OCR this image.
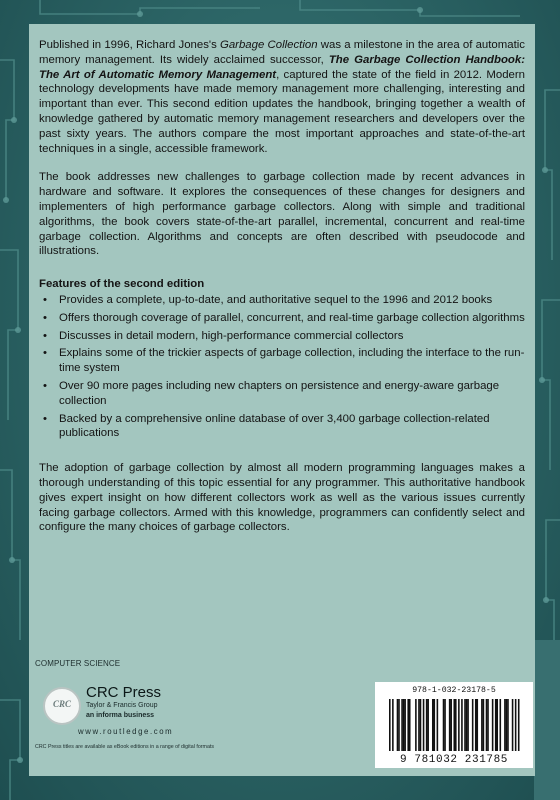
Published in 1996, Richard Jones's Garbage Collection was a milestone in the area of automatic memory management. Its widely acclaimed successor, The Garbage Collection Handbook: The Art of Automatic Memory Management, captured the state of the field in 2012. Modern technology developments have made memory management more challenging, interesting and important than ever. This second edition updates the handbook, bringing together a wealth of knowledge gathered by automatic memory management researchers and developers over the past sixty years. The authors compare the most important approaches and state-of-the-art techniques in a single, accessible framework.

The book addresses new challenges to garbage collection made by recent advances in hardware and software. It explores the consequences of these changes for designers and implementers of high performance garbage collectors. Along with simple and traditional algorithms, the book covers state-of-the-art parallel, incremental, concurrent and real-time garbage collection. Algorithms and concepts are often described with pseudocode and illustrations.

Features of the second edition
• Provides a complete, up-to-date, and authoritative sequel to the 1996 and 2012 books
• Offers thorough coverage of parallel, concurrent, and real-time garbage collection algorithms
• Discusses in detail modern, high-performance commercial collectors
• Explains some of the trickier aspects of garbage collection, including the interface to the run-time system
• Over 90 more pages including new chapters on persistence and energy-aware garbage collection
• Backed by a comprehensive online database of over 3,400 garbage collection-related publications

The adoption of garbage collection by almost all modern programming languages makes a thorough understanding of this topic essential for any programmer. This authoritative handbook gives expert insight on how different collectors work as well as the various issues currently facing garbage collectors. Armed with this knowledge, programmers can confidently select and configure the many choices of garbage collectors.

COMPUTER SCIENCE
CRC
CRC Press
Taylor & Francis Group
an informa business
www.routledge.com
CRC Press titles are available as eBook editions in a range of digital formats
978-1-032-23178-5
9 781032 231785
